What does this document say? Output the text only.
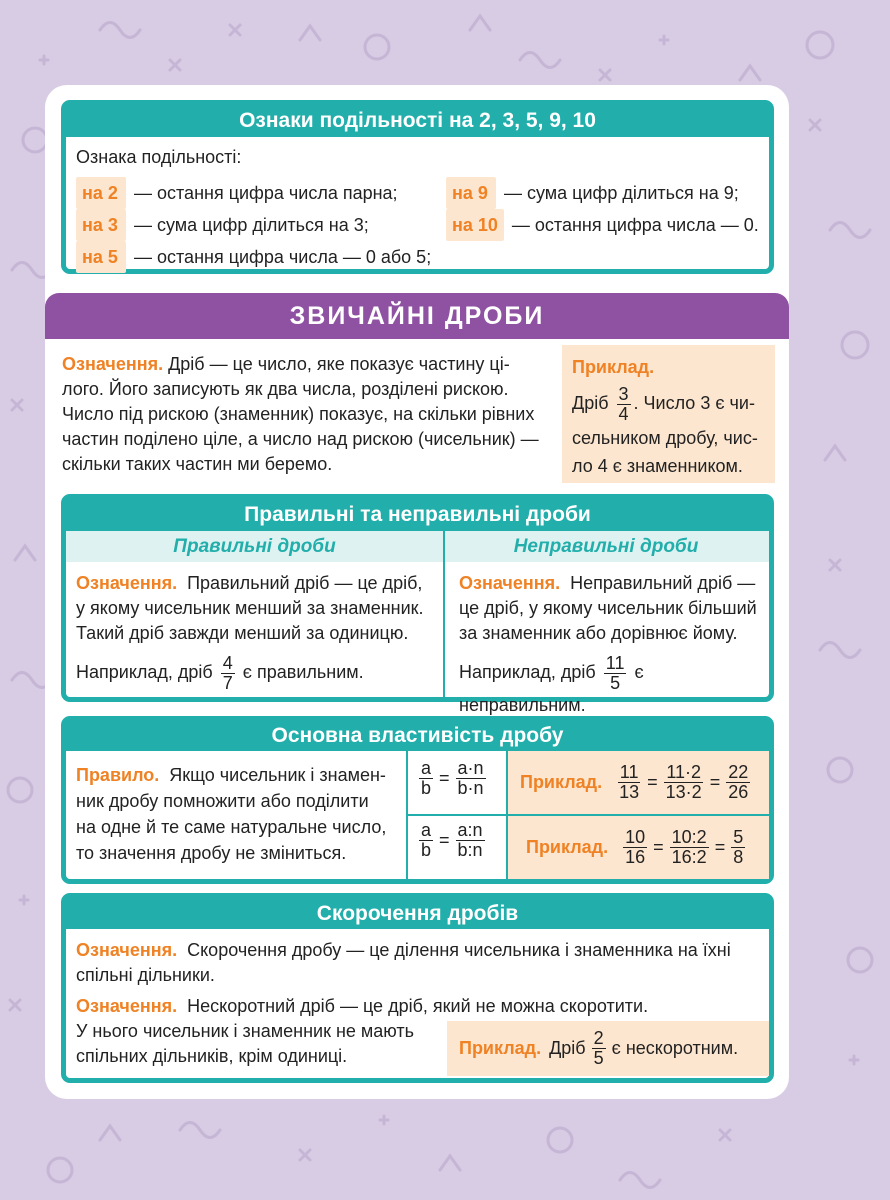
Ознаки подільності на 2, 3, 5, 9, 10
Ознака подільності:
на 2 — остання цифра числа парна;
на 3 — сума цифр ділиться на 3;
на 5 — остання цифра числа — 0 або 5;
на 9 — сума цифр ділиться на 9;
на 10 — остання цифра числа — 0.
ЗВИЧАЙНІ ДРОБИ
Означення. Дріб — це число, яке показує частину ці-
лого. Його записують як два числа, розділені рискою.
Число під рискою (знаменник) показує, на скільки рівних
частин поділено ціле, а число над рискою (чисельник) —
скільки таких частин ми беремо.
Приклад.
Дріб $\frac{3}{4}$ . Число 3 є чи-
сельником дробу, чис-
ло 4 є знаменником.
Правильні та неправильні дроби
Правильні дроби	Неправильні дроби
Означення. Правильний дріб — це дріб,
у якому чисельник менший за знаменник.
Такий дріб завжди менший за одиницю.
Наприклад, дріб $\frac{4}{7}$ є правильним.
Означення. Неправильний дріб —
це дріб, у якому чисельник більший
за знаменник або дорівнює йому.
Наприклад, дріб $\frac{11}{5}$ є неправильним.
Основна властивість дробу
Правило. Якщо чисельник і знамен-
ник дробу помножити або поділити
на одне й те саме натуральне число,
то значення дробу не зміниться.
$\frac{a}{b} = \frac{a\cdot n}{b\cdot n}$
$\frac{a}{b} = \frac{a:n}{b:n}$
Приклад. $\frac{11}{13} = \frac{11\cdot 2}{13\cdot 2} = \frac{22}{26}$
Приклад. $\frac{10}{16} = \frac{10:2}{16:2} = \frac{5}{8}$
Скорочення дробів
Означення. Скорочення дробу — це ділення чисельника і знаменника на їхні
спільні дільники.
Означення. Нескоротний дріб — це дріб, який не можна скоротити.
У нього чисельник і знаменник не мають
спільних дільників, крім одиниці.	Приклад. Дріб $\frac{2}{5}$ є нескоротним.
